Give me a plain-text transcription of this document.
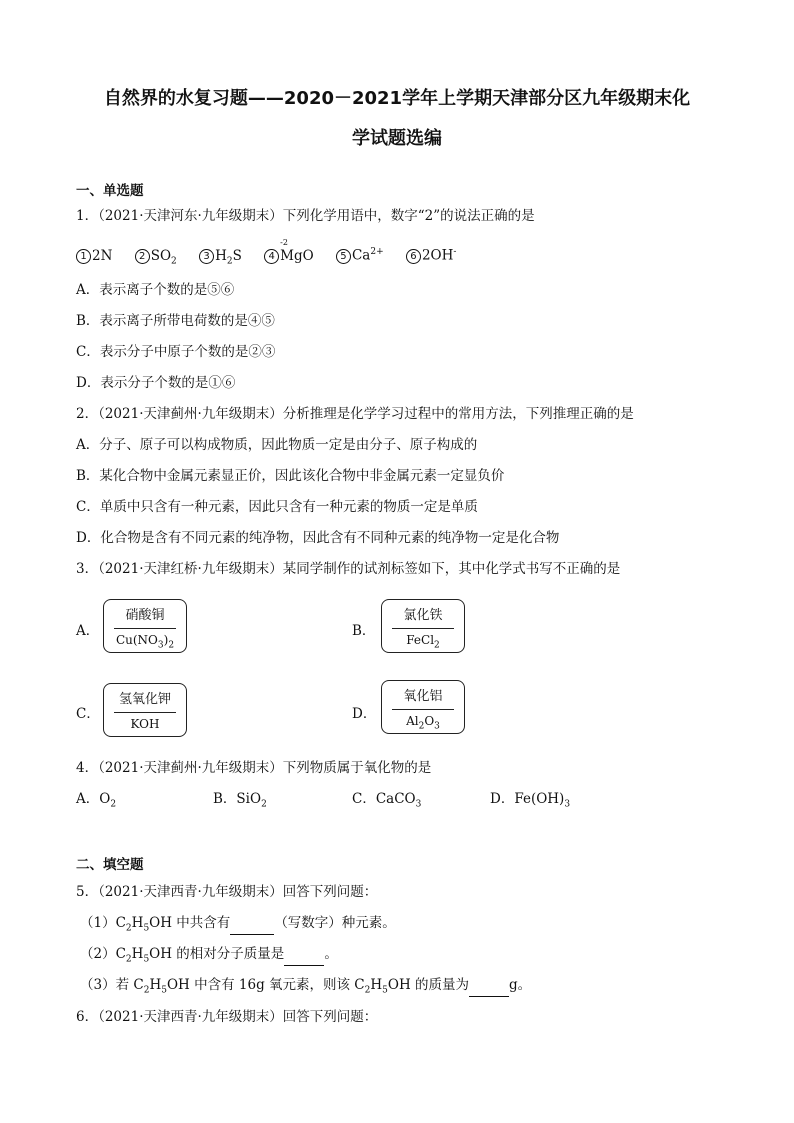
自然界的水复习题——2020－2021学年上学期天津部分区九年级期末化
学试题选编
一、单选题
1．（2021·天津河东·九年级期末）下列化学用语中，数字“2”的说法正确的是
1 2N	2 $SO_2$	3 $H_2S$	4
-2
MgO	5 $Ca^{2+}$	6 2OH-
A．表示离子个数的是⑤⑥
B．表示离子所带电荷数的是④⑤
C．表示分子中原子个数的是②③
D．表示分子个数的是①⑥
2．（2021·天津蓟州·九年级期末）分析推理是化学学习过程中的常用方法，下列推理正确的是
A．分子、原子可以构成物质，因此物质一定是由分子、原子构成的
B．某化合物中金属元素显正价，因此该化合物中非金属元素一定显负价
C．单质中只含有一种元素，因此只含有一种元素的物质一定是单质
D．化合物是含有不同元素的纯净物，因此含有不同种元素的纯净物一定是化合物
3．（2021·天津红桥·九年级期末）某同学制作的试剂标签如下，其中化学式书写不正确的是
A．
硝酸铜
$Cu(NO_3)_2$
B．
氯化铁
FeCl$_2$
C．
氢氧化钾
KOH
D．
氧化铝
$Al_2O_3$
4．（2021·天津蓟州·九年级期末）下列物质属于氧化物的是
A．$O_2$	B．SiO$_2$	C．CaCO$_3$	D．$Fe(OH)_3$
二、填空题
5．（2021·天津西青·九年级期末）回答下列问题：
$(1)C_2H_5OH$ 中共含有	（写数字）种元素。
$(2)C_2H_5OH$ 的相对分子质量是	。
（3）若 $C_2H_5OH$ 中含有 16g 氧元素，则该 $C_2H_5OH$ 的质量为	g。
6．（2021·天津西青·九年级期末）回答下列问题：
